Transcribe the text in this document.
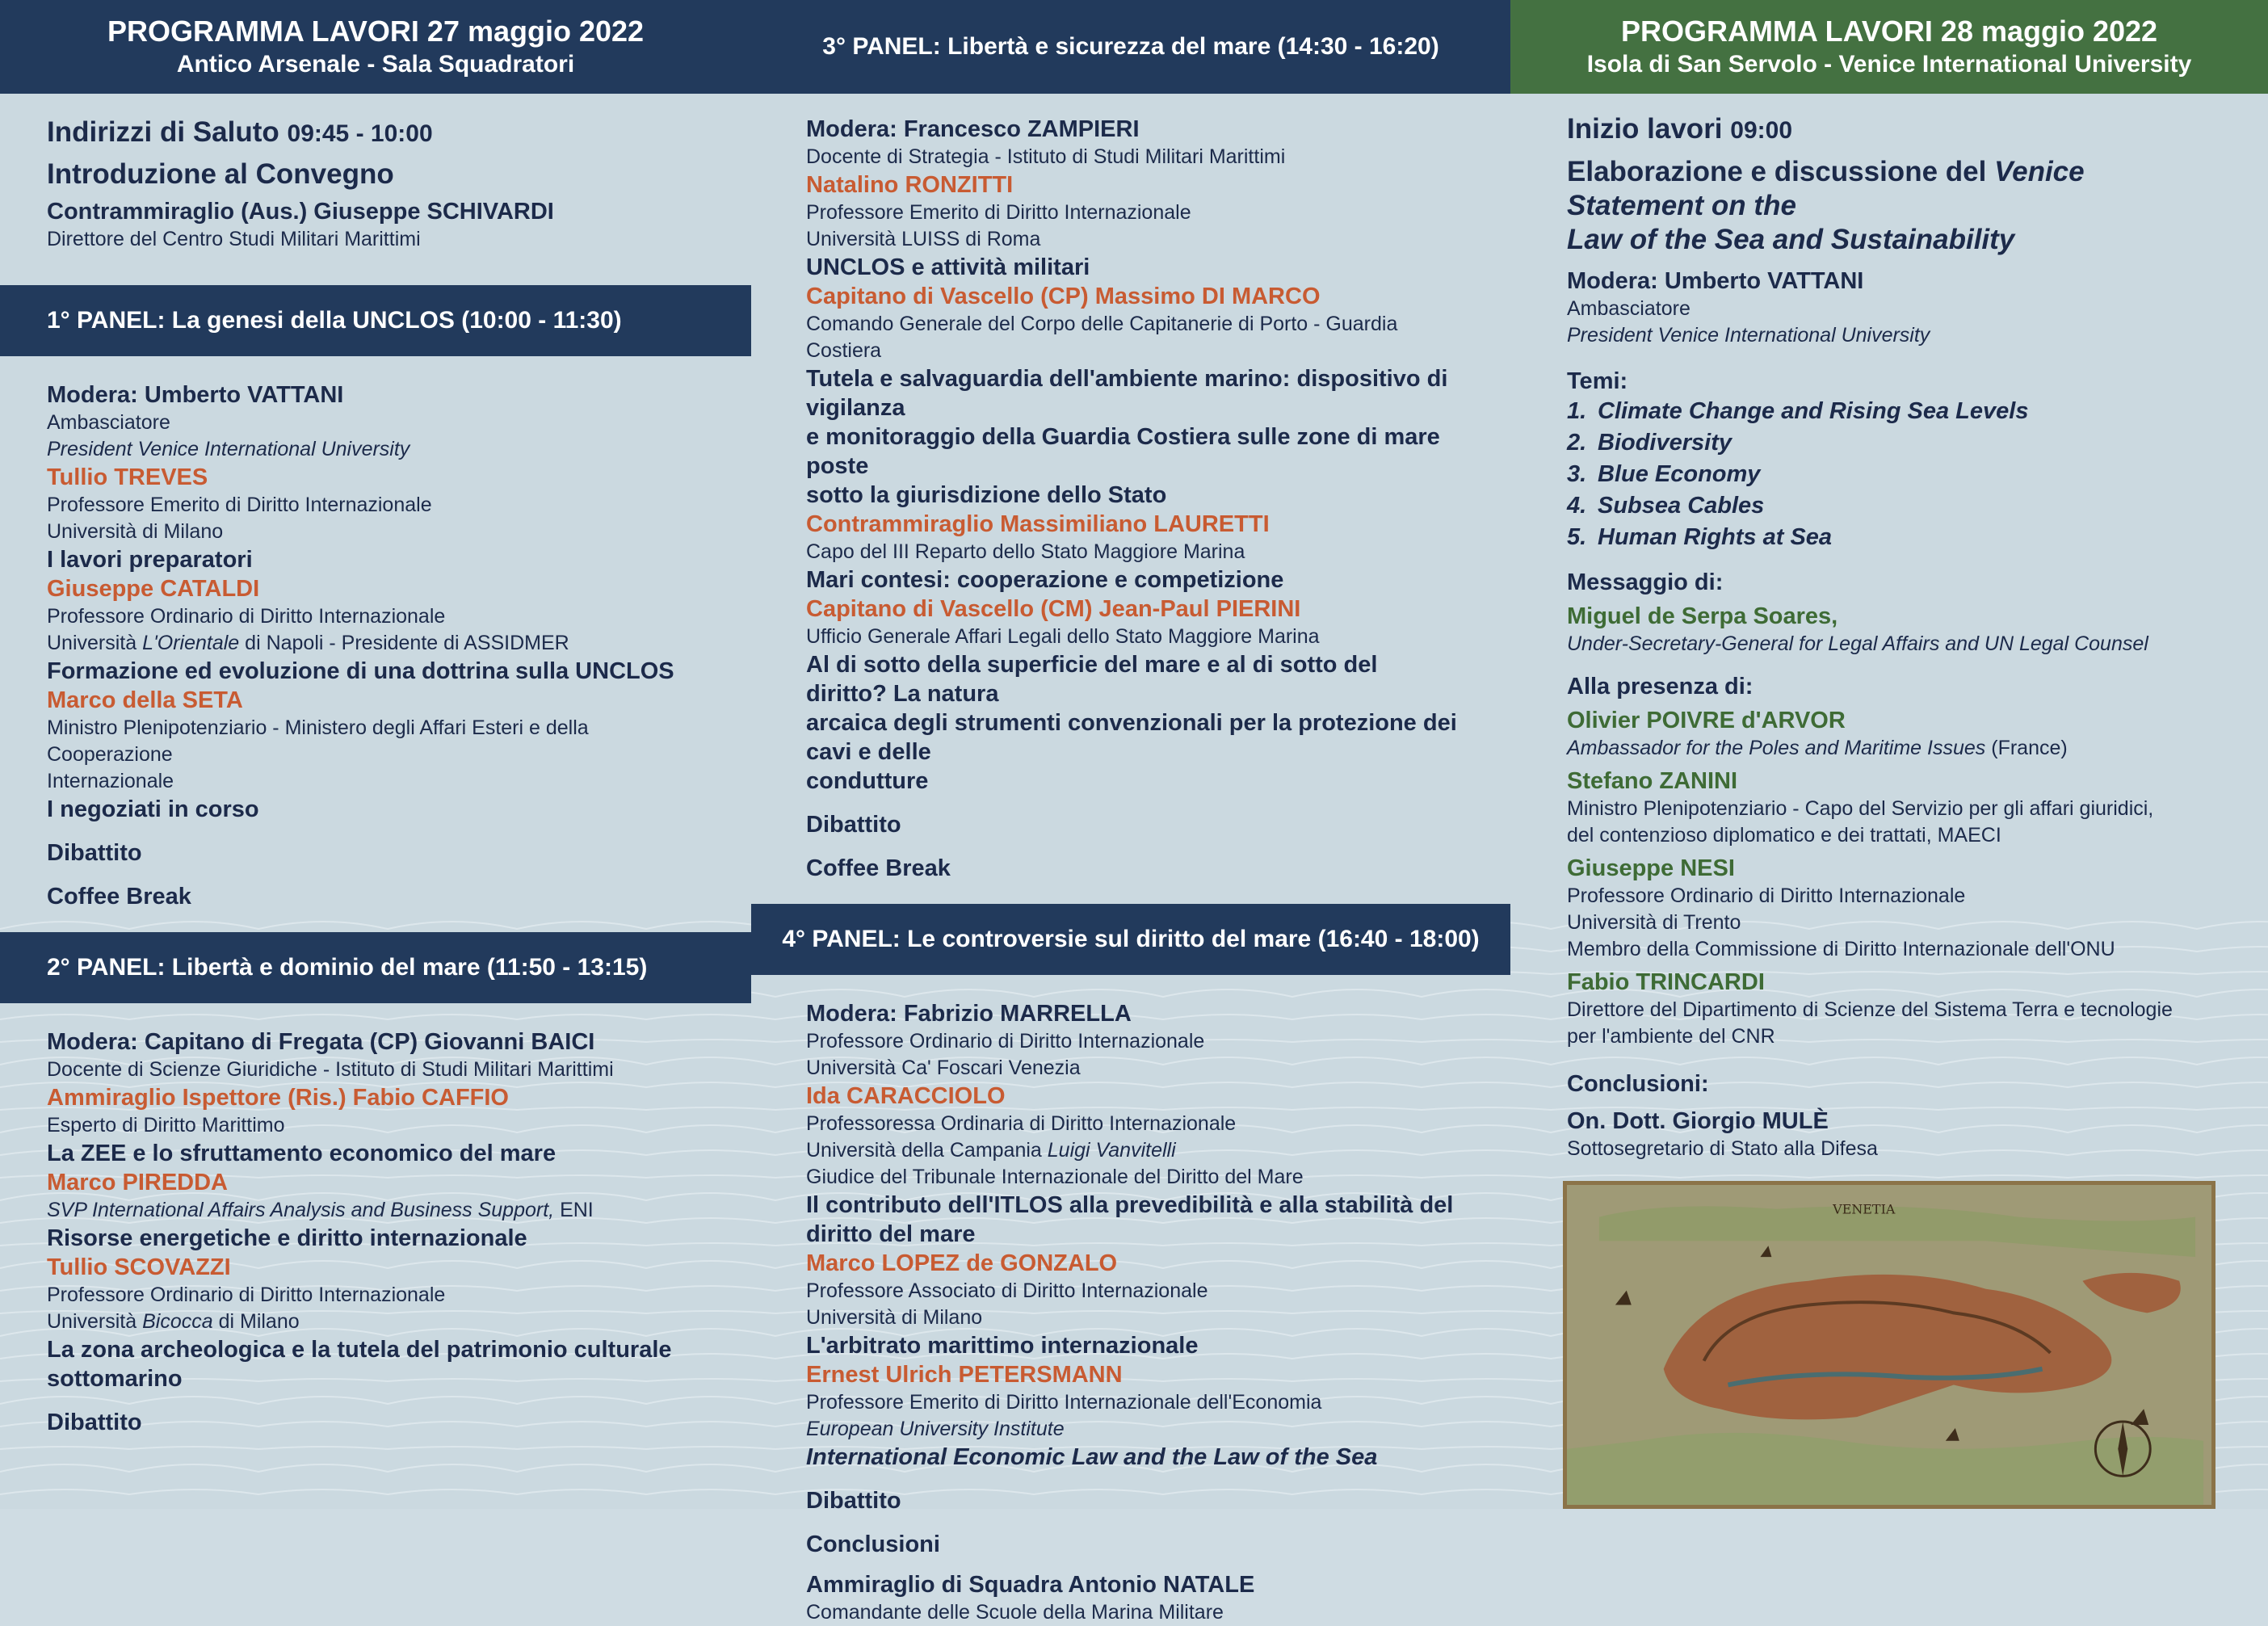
PROGRAMMA LAVORI 27 maggio 2022
Antico Arsenale - Sala Squadratori
Indirizzi di Saluto 09:45 - 10:00
Introduzione al Convegno
Contrammiraglio (Aus.) Giuseppe SCHIVARDI
Direttore del Centro Studi Militari Marittimi
1° PANEL: La genesi della UNCLOS (10:00 - 11:30)
Modera: Umberto VATTANI
Ambasciatore
President Venice International University
Tullio TREVES
Professore Emerito di Diritto Internazionale
Università di Milano
I lavori preparatori
Giuseppe CATALDI
Professore Ordinario di Diritto Internazionale
Università L'Orientale di Napoli - Presidente di ASSIDMER
Formazione ed evoluzione di una dottrina sulla UNCLOS
Marco della SETA
Ministro Plenipotenziario - Ministero degli Affari Esteri e della Cooperazione
Internazionale
I negoziati in corso
Dibattito
Coffee Break
2° PANEL: Libertà e dominio del mare (11:50 - 13:15)
Modera: Capitano di Fregata (CP) Giovanni BAICI
Docente di Scienze Giuridiche - Istituto di Studi Militari Marittimi
Ammiraglio Ispettore (Ris.) Fabio CAFFIO
Esperto di Diritto Marittimo
La ZEE e lo sfruttamento economico del mare
Marco PIREDDA
SVP International Affairs Analysis and Business Support, ENI
Risorse energetiche e diritto internazionale
Tullio SCOVAZZI
Professore Ordinario di Diritto Internazionale
Università Bicocca di Milano
La zona archeologica e la tutela del patrimonio culturale sottomarino
Dibattito
3° PANEL: Libertà e sicurezza del mare (14:30 - 16:20)
Modera: Francesco ZAMPIERI
Docente di Strategia - Istituto di Studi Militari Marittimi
Natalino RONZITTI
Professore Emerito di Diritto Internazionale
Università LUISS di Roma
UNCLOS e attività militari
Capitano di Vascello (CP) Massimo DI MARCO
Comando Generale del Corpo delle Capitanerie di Porto - Guardia Costiera
Tutela e salvaguardia dell'ambiente marino: dispositivo di vigilanza
e monitoraggio della Guardia Costiera sulle zone di mare poste
sotto la giurisdizione dello Stato
Contrammiraglio Massimiliano LAURETTI
Capo del III Reparto dello Stato Maggiore Marina
Mari contesi: cooperazione e competizione
Capitano di Vascello (CM) Jean-Paul PIERINI
Ufficio Generale Affari Legali dello Stato Maggiore Marina
Al di sotto della superficie del mare e al di sotto del diritto? La natura
arcaica degli strumenti convenzionali per la protezione dei cavi e delle
condutture
Dibattito
Coffee Break
4° PANEL: Le controversie sul diritto del mare (16:40 - 18:00)
Modera: Fabrizio MARRELLA
Professore Ordinario di Diritto Internazionale
Università Ca' Foscari Venezia
Ida CARACCIOLO
Professoressa Ordinaria di Diritto Internazionale
Università della Campania Luigi Vanvitelli
Giudice del Tribunale Internazionale del Diritto del Mare
Il contributo dell'ITLOS alla prevedibilità e alla stabilità del diritto del mare
Marco LOPEZ de GONZALO
Professore Associato di Diritto Internazionale
Università di Milano
L'arbitrato marittimo internazionale
Ernest Ulrich PETERSMANN
Professore Emerito di Diritto Internazionale dell'Economia
European University Institute
International Economic Law and the Law of the Sea
Dibattito
Conclusioni
Ammiraglio di Squadra Antonio NATALE
Comandante delle Scuole della Marina Militare
PROGRAMMA LAVORI 28 maggio 2022
Isola di San Servolo - Venice International University
Inizio lavori 09:00
Elaborazione e discussione del Venice Statement on the
Law of the Sea and Sustainability
Modera: Umberto VATTANI
Ambasciatore
President Venice International University
Temi:
1. Climate Change and Rising Sea Levels
2. Biodiversity
3. Blue Economy
4. Subsea Cables
5. Human Rights at Sea
Messaggio di:
Miguel de Serpa Soares,
Under-Secretary-General for Legal Affairs and UN Legal Counsel
Alla presenza di:
Olivier POIVRE d'ARVOR
Ambassador for the Poles and Maritime Issues (France)
Stefano ZANINI
Ministro Plenipotenziario - Capo del Servizio per gli affari giuridici,
del contenzioso diplomatico e dei trattati, MAECI
Giuseppe NESI
Professore Ordinario di Diritto Internazionale
Università di Trento
Membro della Commissione di Diritto Internazionale dell'ONU
Fabio TRINCARDI
Direttore del Dipartimento di Scienze del Sistema Terra e tecnologie
per l'ambiente del CNR
Conclusioni:
On. Dott. Giorgio MULÈ
Sottosegretario di Stato alla Difesa
VENETIA
